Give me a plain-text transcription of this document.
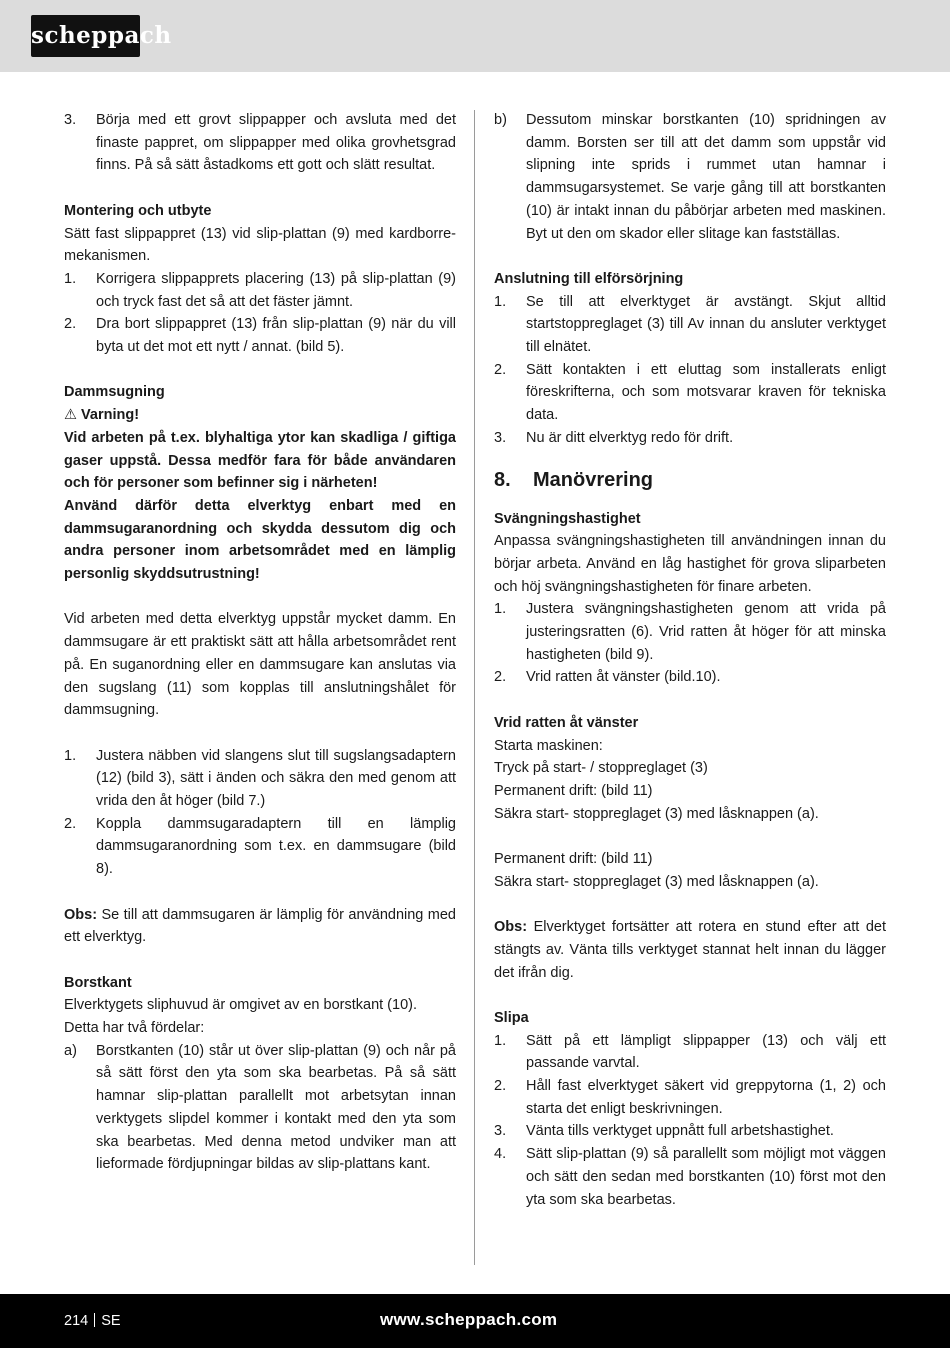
scheppach
3.	Börja med ett grovt slippapper och avsluta med det finaste pappret, om slippapper med olika grovhetsgrad finns. På så sätt åstadkoms ett gott och slätt resultat.

Montering och utbyte

Sätt fast slippappret (13) vid slip-plattan (9) med kardborre-mekanismen.

1.	Korrigera slippapprets placering (13) på slip-plattan (9) och tryck fast det så att det fäster jämnt.
2.	Dra bort slippappret (13) från slip-plattan (9) när du vill byta ut det mot ett nytt / annat. (bild 5).

Dammsugning

⚠ Varning!

Vid arbeten på t.ex. blyhaltiga ytor kan skadliga / giftiga gaser uppstå. Dessa medför fara för både användaren och för personer som befinner sig i närheten!

Använd därför detta elverktyg enbart med en dammsugaranordning och skydda dessutom dig och andra personer inom arbetsområdet med en lämplig personlig skyddsutrustning!

Vid arbeten med detta elverktyg uppstår mycket damm. En dammsugare är ett praktiskt sätt att hålla arbetsområdet rent på. En suganordning eller en dammsugare kan anslutas via den sugslang (11) som kopplas till anslutningshålet för dammsugning.

1.	Justera näbben vid slangens slut till sugslangsadaptern (12) (bild 3), sätt i änden och säkra den med genom att vrida den åt höger (bild 7.)
2.	Koppla dammsugaradaptern till en lämplig dammsugaranordning som t.ex. en dammsugare (bild 8).

Obs: Se till att dammsugaren är lämplig för användning med ett elverktyg.

Borstkant

Elverktygets sliphuvud är omgivet av en borstkant (10).

Detta har två fördelar:

a)	Borstkanten (10) står ut över slip-plattan (9) och når på så sätt först den yta som ska bearbetas. På så sätt hamnar slip-plattan parallellt mot arbetsytan innan verktygets slipdel kommer i kontakt med den yta som ska bearbetas. Med denna metod undviker man att lieformade fördjupningar bildas av slip-plattans kant.
b)	Dessutom minskar borstkanten (10) spridningen av damm. Borsten ser till att det damm som uppstår vid slipning inte sprids i rummet utan hamnar i dammsugarsystemet. Se varje gång till att borstkanten (10) är intakt innan du påbörjar arbeten med maskinen. Byt ut den om skador eller slitage kan fastställas.

Anslutning till elförsörjning

1.	Se till att elverktyget är avstängt. Skjut alltid startstoppreglaget (3) till Av innan du ansluter verktyget till elnätet.
2.	Sätt kontakten i ett eluttag som installerats enligt föreskrifterna, och som motsvarar kraven för tekniska data.
3.	Nu är ditt elverktyg redo för drift.
8.	Manövrering

Svängningshastighet

Anpassa svängningshastigheten till användningen innan du börjar arbeta. Använd en låg hastighet för grova sliparbeten och höj svängningshastigheten för finare arbeten.

1.	Justera svängningshastigheten genom att vrida på justeringsratten (6). Vrid ratten åt höger för att minska hastigheten (bild 9).
2.	Vrid ratten åt vänster (bild.10).

Vrid ratten åt vänster

Starta maskinen:

Tryck på start- / stoppreglaget (3)

Permanent drift: (bild 11)

Säkra start- stoppreglaget (3) med låsknappen (a).

Permanent drift: (bild 11)

Säkra start- stoppreglaget (3) med låsknappen (a).

Obs: Elverktyget fortsätter att rotera en stund efter att det stängts av. Vänta tills verktyget stannat helt innan du lägger det ifrån dig.

Slipa

1.	Sätt på ett lämpligt slippapper (13) och välj ett passande varvtal.
2.	Håll fast elverktyget säkert vid greppytorna (1, 2) och starta det enligt beskrivningen.
3.	Vänta tills verktyget uppnått full arbetshastighet.
4.	Sätt slip-plattan (9) så parallellt som möjligt mot väggen och sätt den sedan med borstkanten (10) först mot den yta som ska bearbetas.
214 SE	www.scheppach.com
